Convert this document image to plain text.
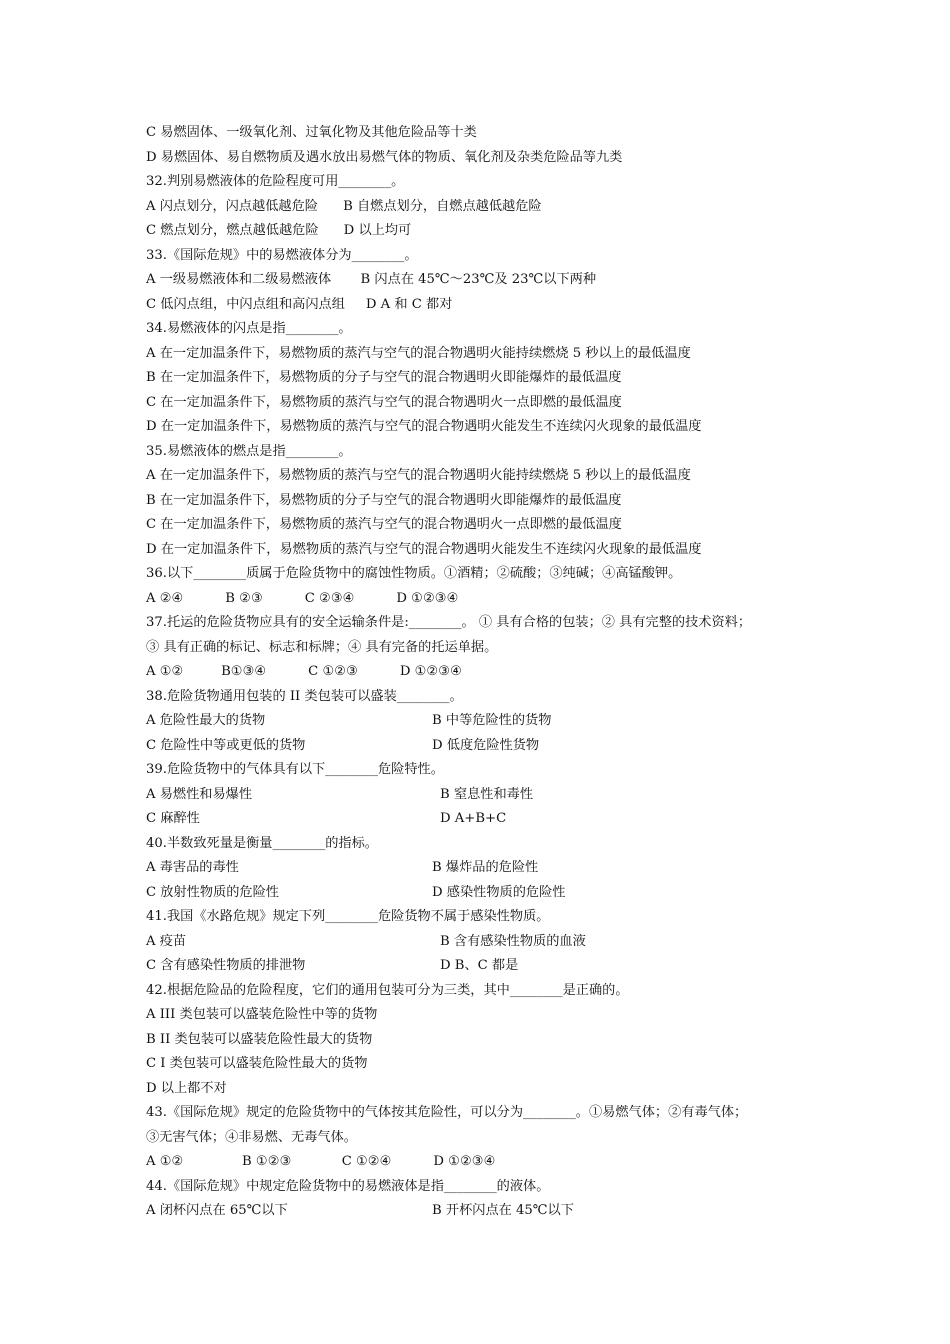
C 易燃固体、一级氧化剂、过氧化物及其他危险品等十类
D 易燃固体、易自燃物质及遇水放出易燃气体的物质、氧化剂及杂类危险品等九类
32.判别易燃液体的危险程度可用________。
A 闪点划分，闪点越低越危险      B 自燃点划分，自燃点越低越危险
C 燃点划分，燃点越低越危险      D 以上均可
33.《国际危规》中的易燃液体分为________。
A 一级易燃液体和二级易燃液体       B 闪点在 45℃～23℃及 23℃以下两种
C 低闪点组，中闪点组和高闪点组     D A 和 C 都对
34.易燃液体的闪点是指________。
A 在一定加温条件下，易燃物质的蒸汽与空气的混合物遇明火能持续燃烧 5 秒以上的最低温度
B 在一定加温条件下，易燃物质的分子与空气的混合物遇明火即能爆炸的最低温度
C 在一定加温条件下，易燃物质的蒸汽与空气的混合物遇明火一点即燃的最低温度
D 在一定加温条件下，易燃物质的蒸汽与空气的混合物遇明火能发生不连续闪火现象的最低温度
35.易燃液体的燃点是指________。
A 在一定加温条件下，易燃物质的蒸汽与空气的混合物遇明火能持续燃烧 5 秒以上的最低温度
B 在一定加温条件下，易燃物质的分子与空气的混合物遇明火即能爆炸的最低温度
C 在一定加温条件下，易燃物质的蒸汽与空气的混合物遇明火一点即燃的最低温度
D 在一定加温条件下，易燃物质的蒸汽与空气的混合物遇明火能发生不连续闪火现象的最低温度
36.以下________质属于危险货物中的腐蚀性物质。①酒精；②硫酸；③纯碱；④高锰酸钾。
A ②④          B ②③          C ②③④          D ①②③④
37.托运的危险货物应具有的安全运输条件是:________。 ① 具有合格的包装；② 具有完整的技术资料；
③ 具有正确的标记、标志和标牌；④ 具有完备的托运单据。
A ①②         B①③④          C ①②③          D ①②③④
38.危险货物通用包装的 II 类包装可以盛装________。
A 危险性最大的货物	B 中等危险性的货物
C 危险性中等或更低的货物	D 低度危险性货物
39.危险货物中的气体具有以下________危险特性。
A 易燃性和易爆性	B 窒息性和毒性
C 麻醉性	D A+B+C
40.半数致死量是衡量________的指标。
A 毒害品的毒性	B 爆炸品的危险性
C 放射性物质的危险性	D 感染性物质的危险性
41.我国《水路危规》规定下列________危险货物不属于感染性物质。
A 疫苗	B 含有感染性物质的血液
C 含有感染性物质的排泄物	D B、C 都是
42.根据危险品的危险程度，它们的通用包装可分为三类，其中________是正确的。
A III 类包装可以盛装危险性中等的货物
B II 类包装可以盛装危险性最大的货物
C I 类包装可以盛装危险性最大的货物
D 以上都不对
43.《国际危规》规定的危险货物中的气体按其危险性，可以分为________。①易燃气体；②有毒气体；
③无害气体；④非易燃、无毒气体。
A ①②              B ①②③            C ①②④          D ①②③④
44.《国际危规》中规定危险货物中的易燃液体是指________的液体。
A 闭杯闪点在 65℃以下	B 开杯闪点在 45℃以下
